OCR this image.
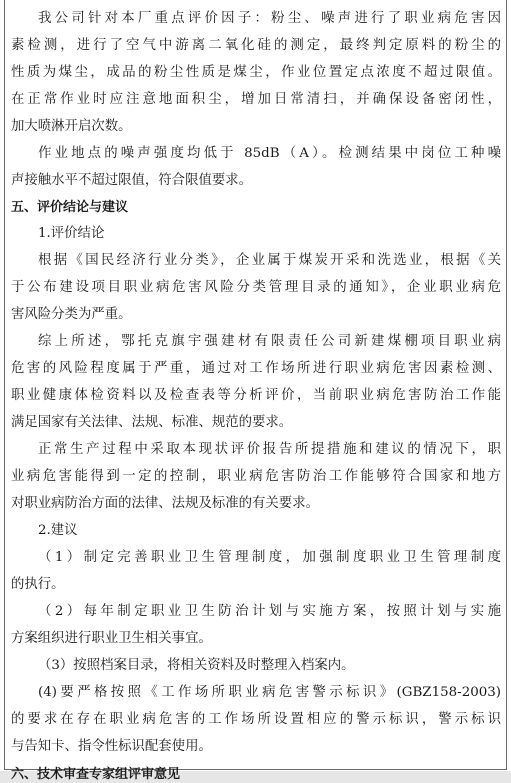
我公司针对本厂重点评价因子：粉尘、噪声进行了职业病危害因
素检测，进行了空气中游离二氧化硅的测定，最终判定原料的粉尘的
性质为煤尘，成品的粉尘性质是煤尘，作业位置定点浓度不超过限值。
在正常作业时应注意地面积尘，增加日常清扫，并确保设备密闭性，
加大喷淋开启次数。
作业地点的噪声强度均低于 85dB（A）。检测结果中岗位工种噪
声接触水平不超过限值，符合限值要求。
五、评价结论与建议
1.评价结论
根据《国民经济行业分类》，企业属于煤炭开采和洗选业，根据《关
于公布建设项目职业病危害风险分类管理目录的通知》，企业职业病危
害风险分类为严重。
综上所述，鄂托克旗宇强建材有限责任公司新建煤棚项目职业病
危害的风险程度属于严重，通过对工作场所进行职业病危害因素检测、
职业健康体检资料以及检查表等分析评价，当前职业病危害防治工作能
满足国家有关法律、法规、标准、规范的要求。
正常生产过程中采取本现状评价报告所提措施和建议的情况下，职
业病危害能得到一定的控制，职业病危害防治工作能够符合国家和地方
对职业病防治方面的法律、法规及标准的有关要求。
2.建议
（1）制定完善职业卫生管理制度，加强制度职业卫生管理制度
的执行。
（2）每年制定职业卫生防治计划与实施方案，按照计划与实施
方案组织进行职业卫生相关事宜。
（3）按照档案目录，将相关资料及时整理入档案内。
(4)要严格按照《工作场所职业病危害警示标识》(GBZ158-2003)
的要求在存在职业病危害的工作场所设置相应的警示标识，警示标识
与告知卡、指令性标识配套使用。
六、技术审查专家组评审意见
